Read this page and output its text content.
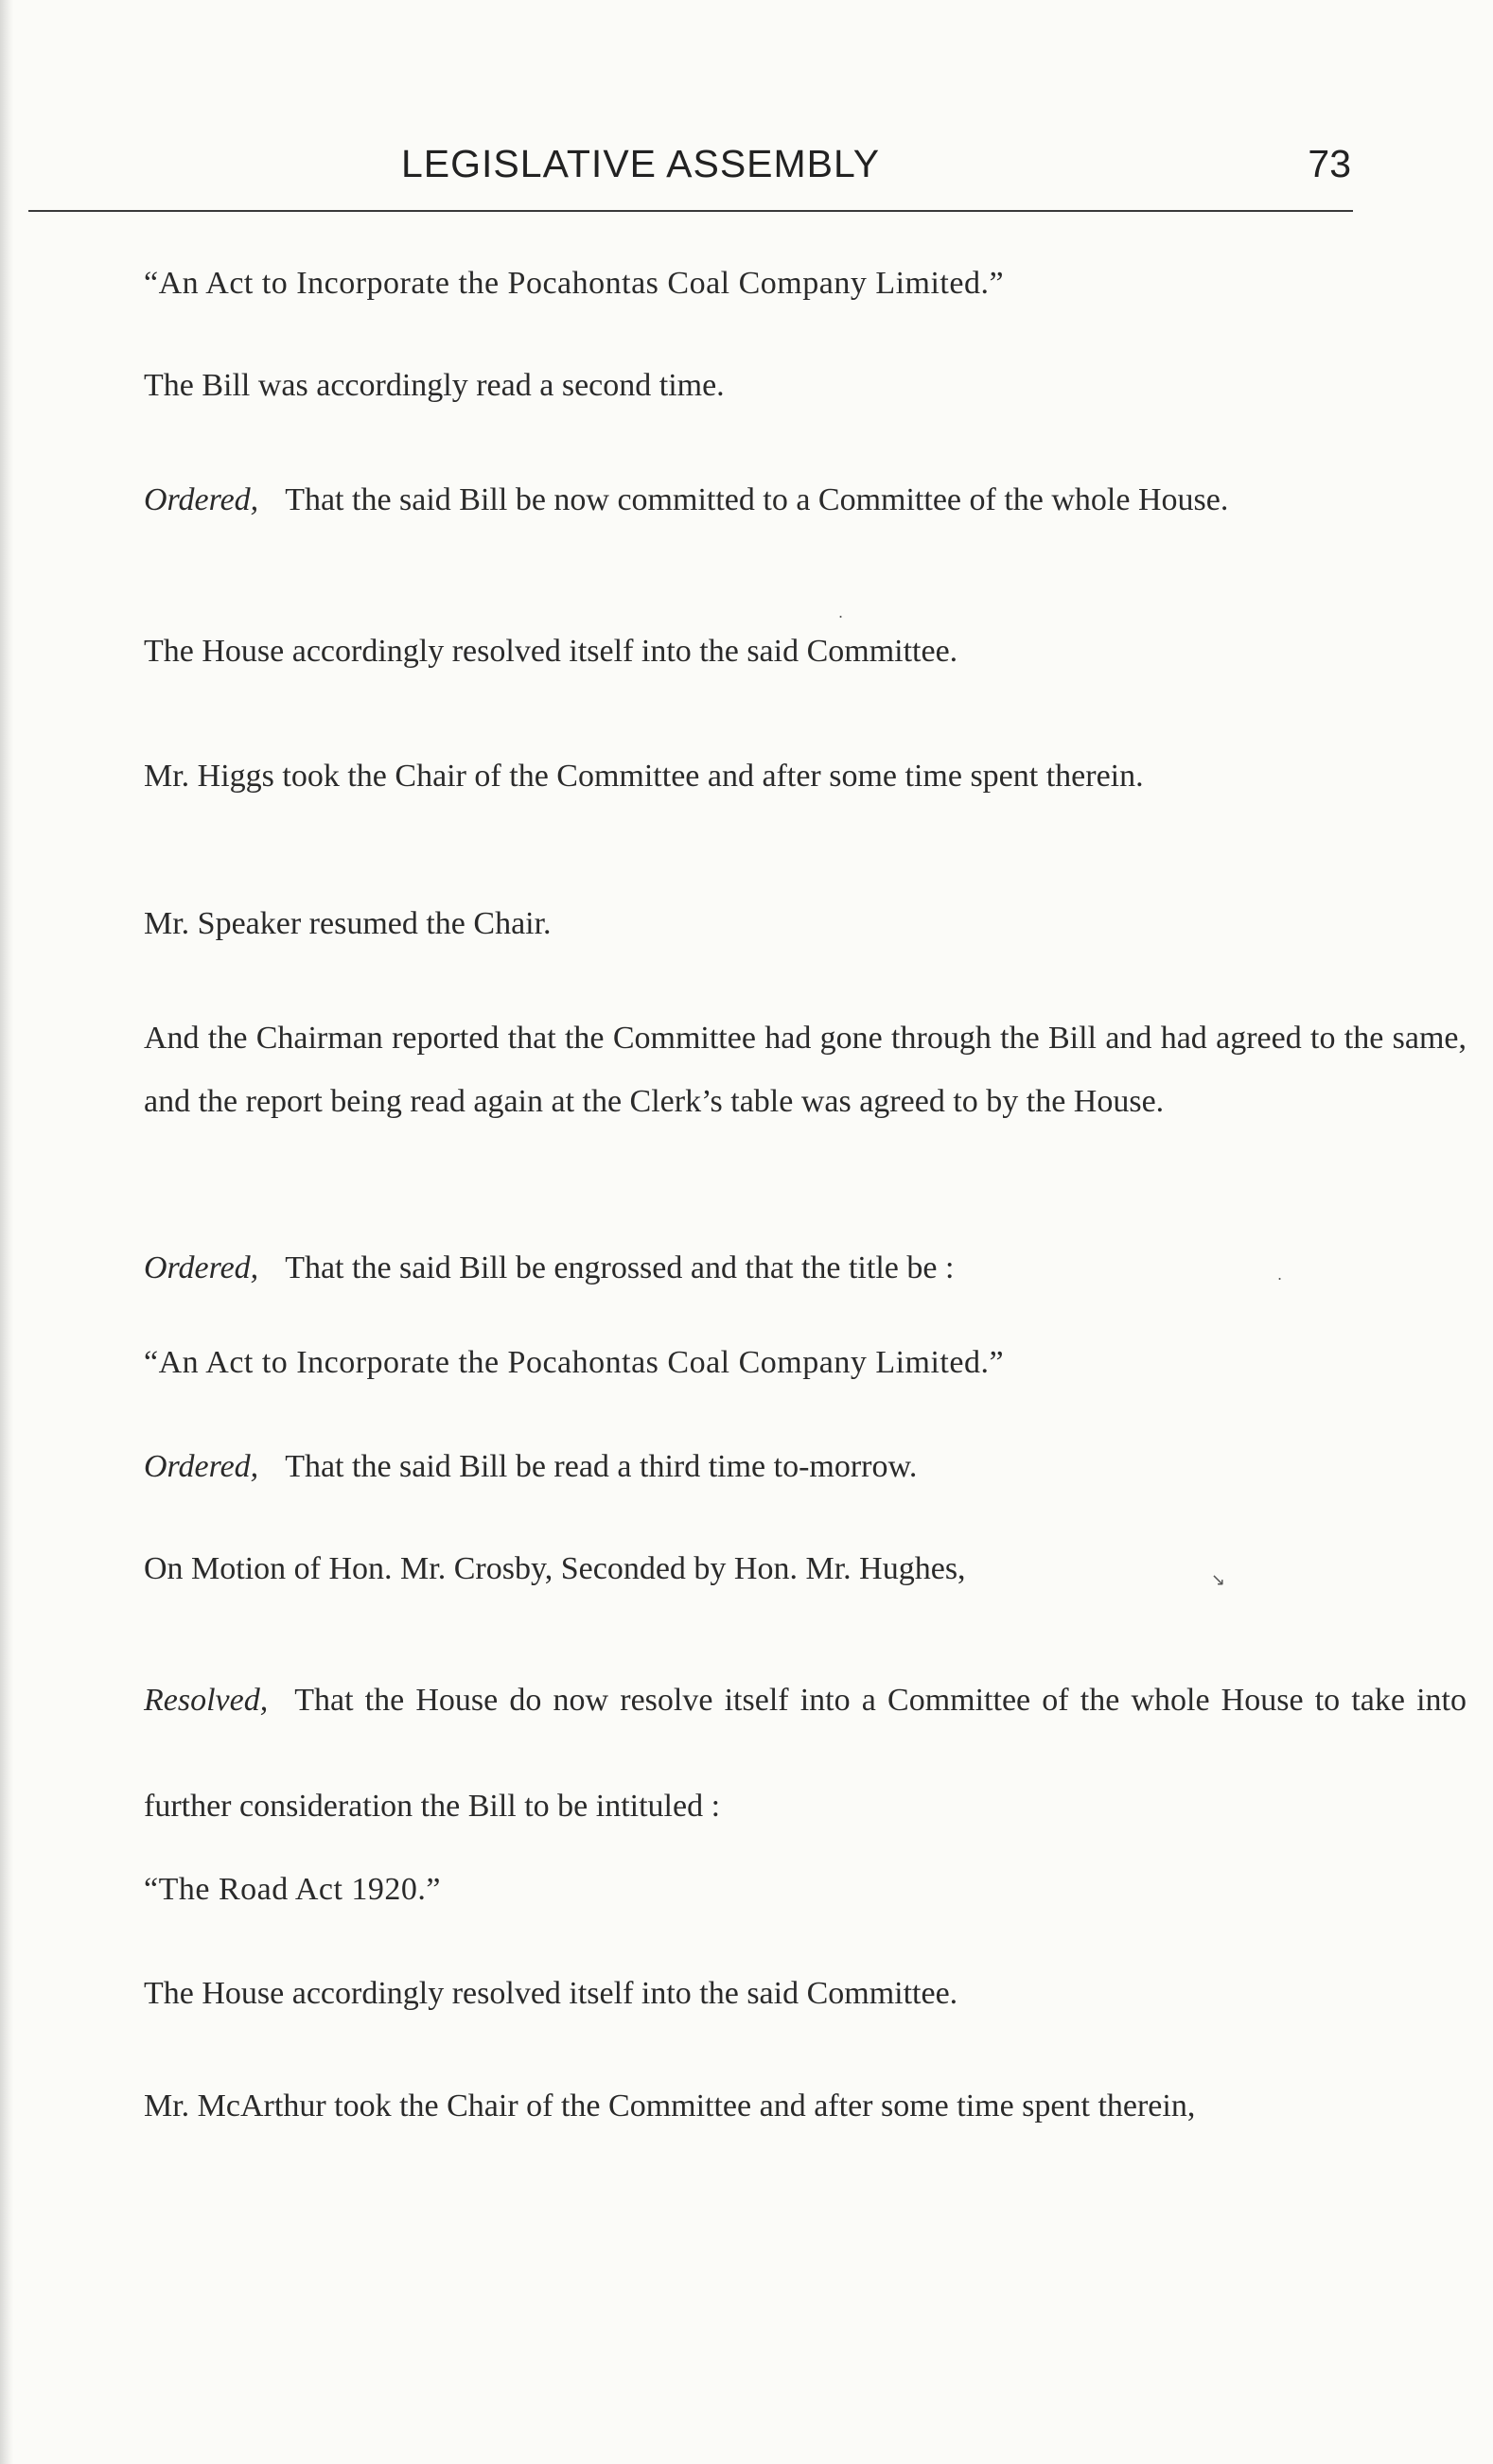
LEGISLATIVE ASSEMBLY	73
“An Act to Incorporate the Pocahontas Coal Company Limited.”
The Bill was accordingly read a second time.
Ordered, That the said Bill be now committed to a Committee of the whole House.
The House accordingly resolved itself into the said Committee.
Mr. Higgs took the Chair of the Committee and after some time spent therein.
Mr. Speaker resumed the Chair.
And the Chairman reported that the Committee had gone through the Bill and had agreed to the same, and the report being read again at the Clerk’s table was agreed to by the House.
Ordered, That the said Bill be engrossed and that the title be :
“An Act to Incorporate the Pocahontas Coal Company Limited.”
Ordered, That the said Bill be read a third time to-morrow.
On Motion of Hon. Mr. Crosby, Seconded by Hon. Mr. Hughes,
Resolved, That the House do now resolve itself into a Committee of the whole House to take into further consideration the Bill to be intituled :
“The Road Act 1920.”
The House accordingly resolved itself into the said Committee.
Mr. McArthur took the Chair of the Committee and after some time spent therein,
↘
.
.
